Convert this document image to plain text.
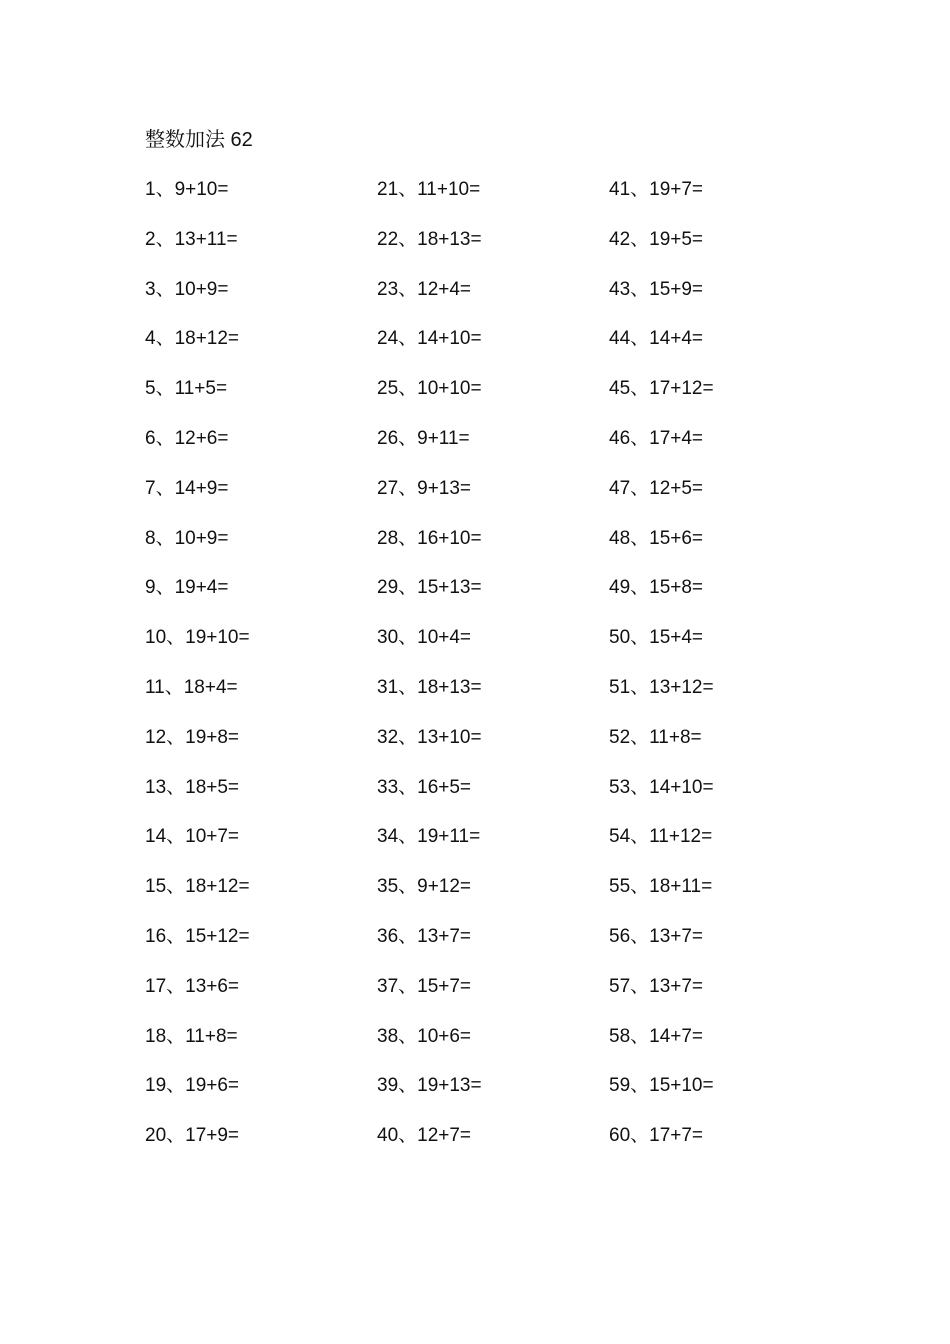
整数加法 62
1、9+10=
2、13+11=
3、10+9=
4、18+12=
5、11+5=
6、12+6=
7、14+9=
8、10+9=
9、19+4=
10、19+10=
11、18+4=
12、19+8=
13、18+5=
14、10+7=
15、18+12=
16、15+12=
17、13+6=
18、11+8=
19、19+6=
20、17+9=
21、11+10=
22、18+13=
23、12+4=
24、14+10=
25、10+10=
26、9+11=
27、9+13=
28、16+10=
29、15+13=
30、10+4=
31、18+13=
32、13+10=
33、16+5=
34、19+11=
35、9+12=
36、13+7=
37、15+7=
38、10+6=
39、19+13=
40、12+7=
41、19+7=
42、19+5=
43、15+9=
44、14+4=
45、17+12=
46、17+4=
47、12+5=
48、15+6=
49、15+8=
50、15+4=
51、13+12=
52、11+8=
53、14+10=
54、11+12=
55、18+11=
56、13+7=
57、13+7=
58、14+7=
59、15+10=
60、17+7=
